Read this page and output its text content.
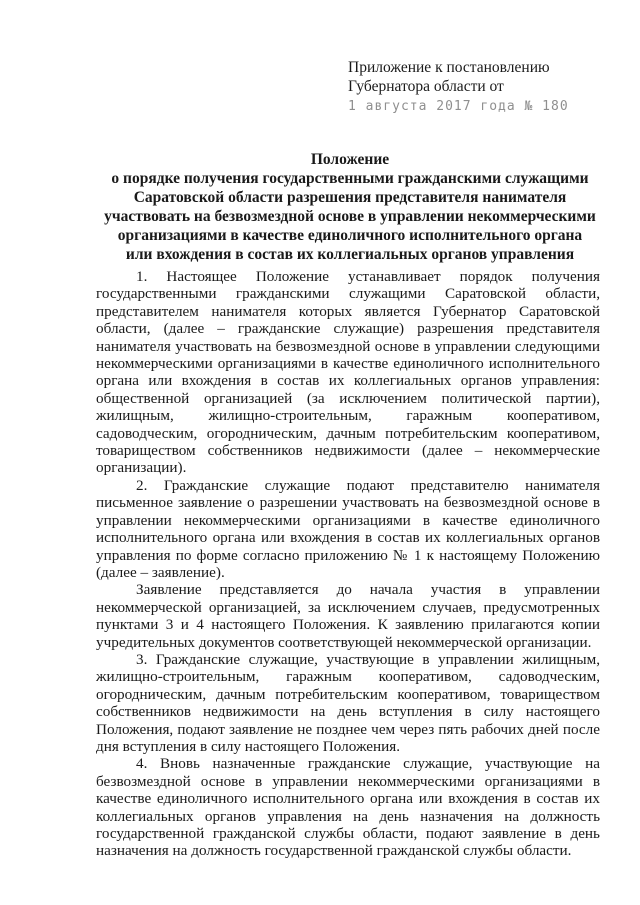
Приложение к постановлению
Губернатора области от
1 августа 2017 года № 180
Положение
о порядке получения государственными гражданскими служащими
Саратовской области разрешения представителя нанимателя
участвовать на безвозмездной основе в управлении некоммерческими
организациями в качестве единоличного исполнительного органа
или вхождения в состав их коллегиальных органов управления

1. Настоящее Положение устанавливает порядок получения государственными гражданскими служащими Саратовской области, представителем нанимателя которых является Губернатор Саратовской области, (далее – гражданские служащие) разрешения представителя нанимателя участвовать на безвозмездной основе в управлении следующими некоммерческими организациями в качестве единоличного исполнительного органа или вхождения в состав их коллегиальных органов управления: общественной организацией (за исключением политической партии), жилищным, жилищно-строительным, гаражным кооперативом, садоводческим, огородническим, дачным потребительским кооперативом, товариществом собственников недвижимости (далее – некоммерческие организации).

2. Гражданские служащие подают представителю нанимателя письменное заявление о разрешении участвовать на безвозмездной основе в управлении некоммерческими организациями в качестве единоличного исполнительного органа или вхождения в состав их коллегиальных органов управления по форме согласно приложению № 1 к настоящему Положению (далее – заявление).

Заявление представляется до начала участия в управлении некоммерческой организацией, за исключением случаев, предусмотренных пунктами 3 и 4 настоящего Положения. К заявлению прилагаются копии учредительных документов соответствующей некоммерческой организации.

3. Гражданские служащие, участвующие в управлении жилищным, жилищно-строительным, гаражным кооперативом, садоводческим, огородническим, дачным потребительским кооперативом, товариществом собственников недвижимости на день вступления в силу настоящего Положения, подают заявление не позднее чем через пять рабочих дней после дня вступления в силу настоящего Положения.

4. Вновь назначенные гражданские служащие, участвующие на безвозмездной основе в управлении некоммерческими организациями в качестве единоличного исполнительного органа или вхождения в состав их коллегиальных органов управления на день назначения на должность государственной гражданской службы области, подают заявление в день назначения на должность государственной гражданской службы области.
